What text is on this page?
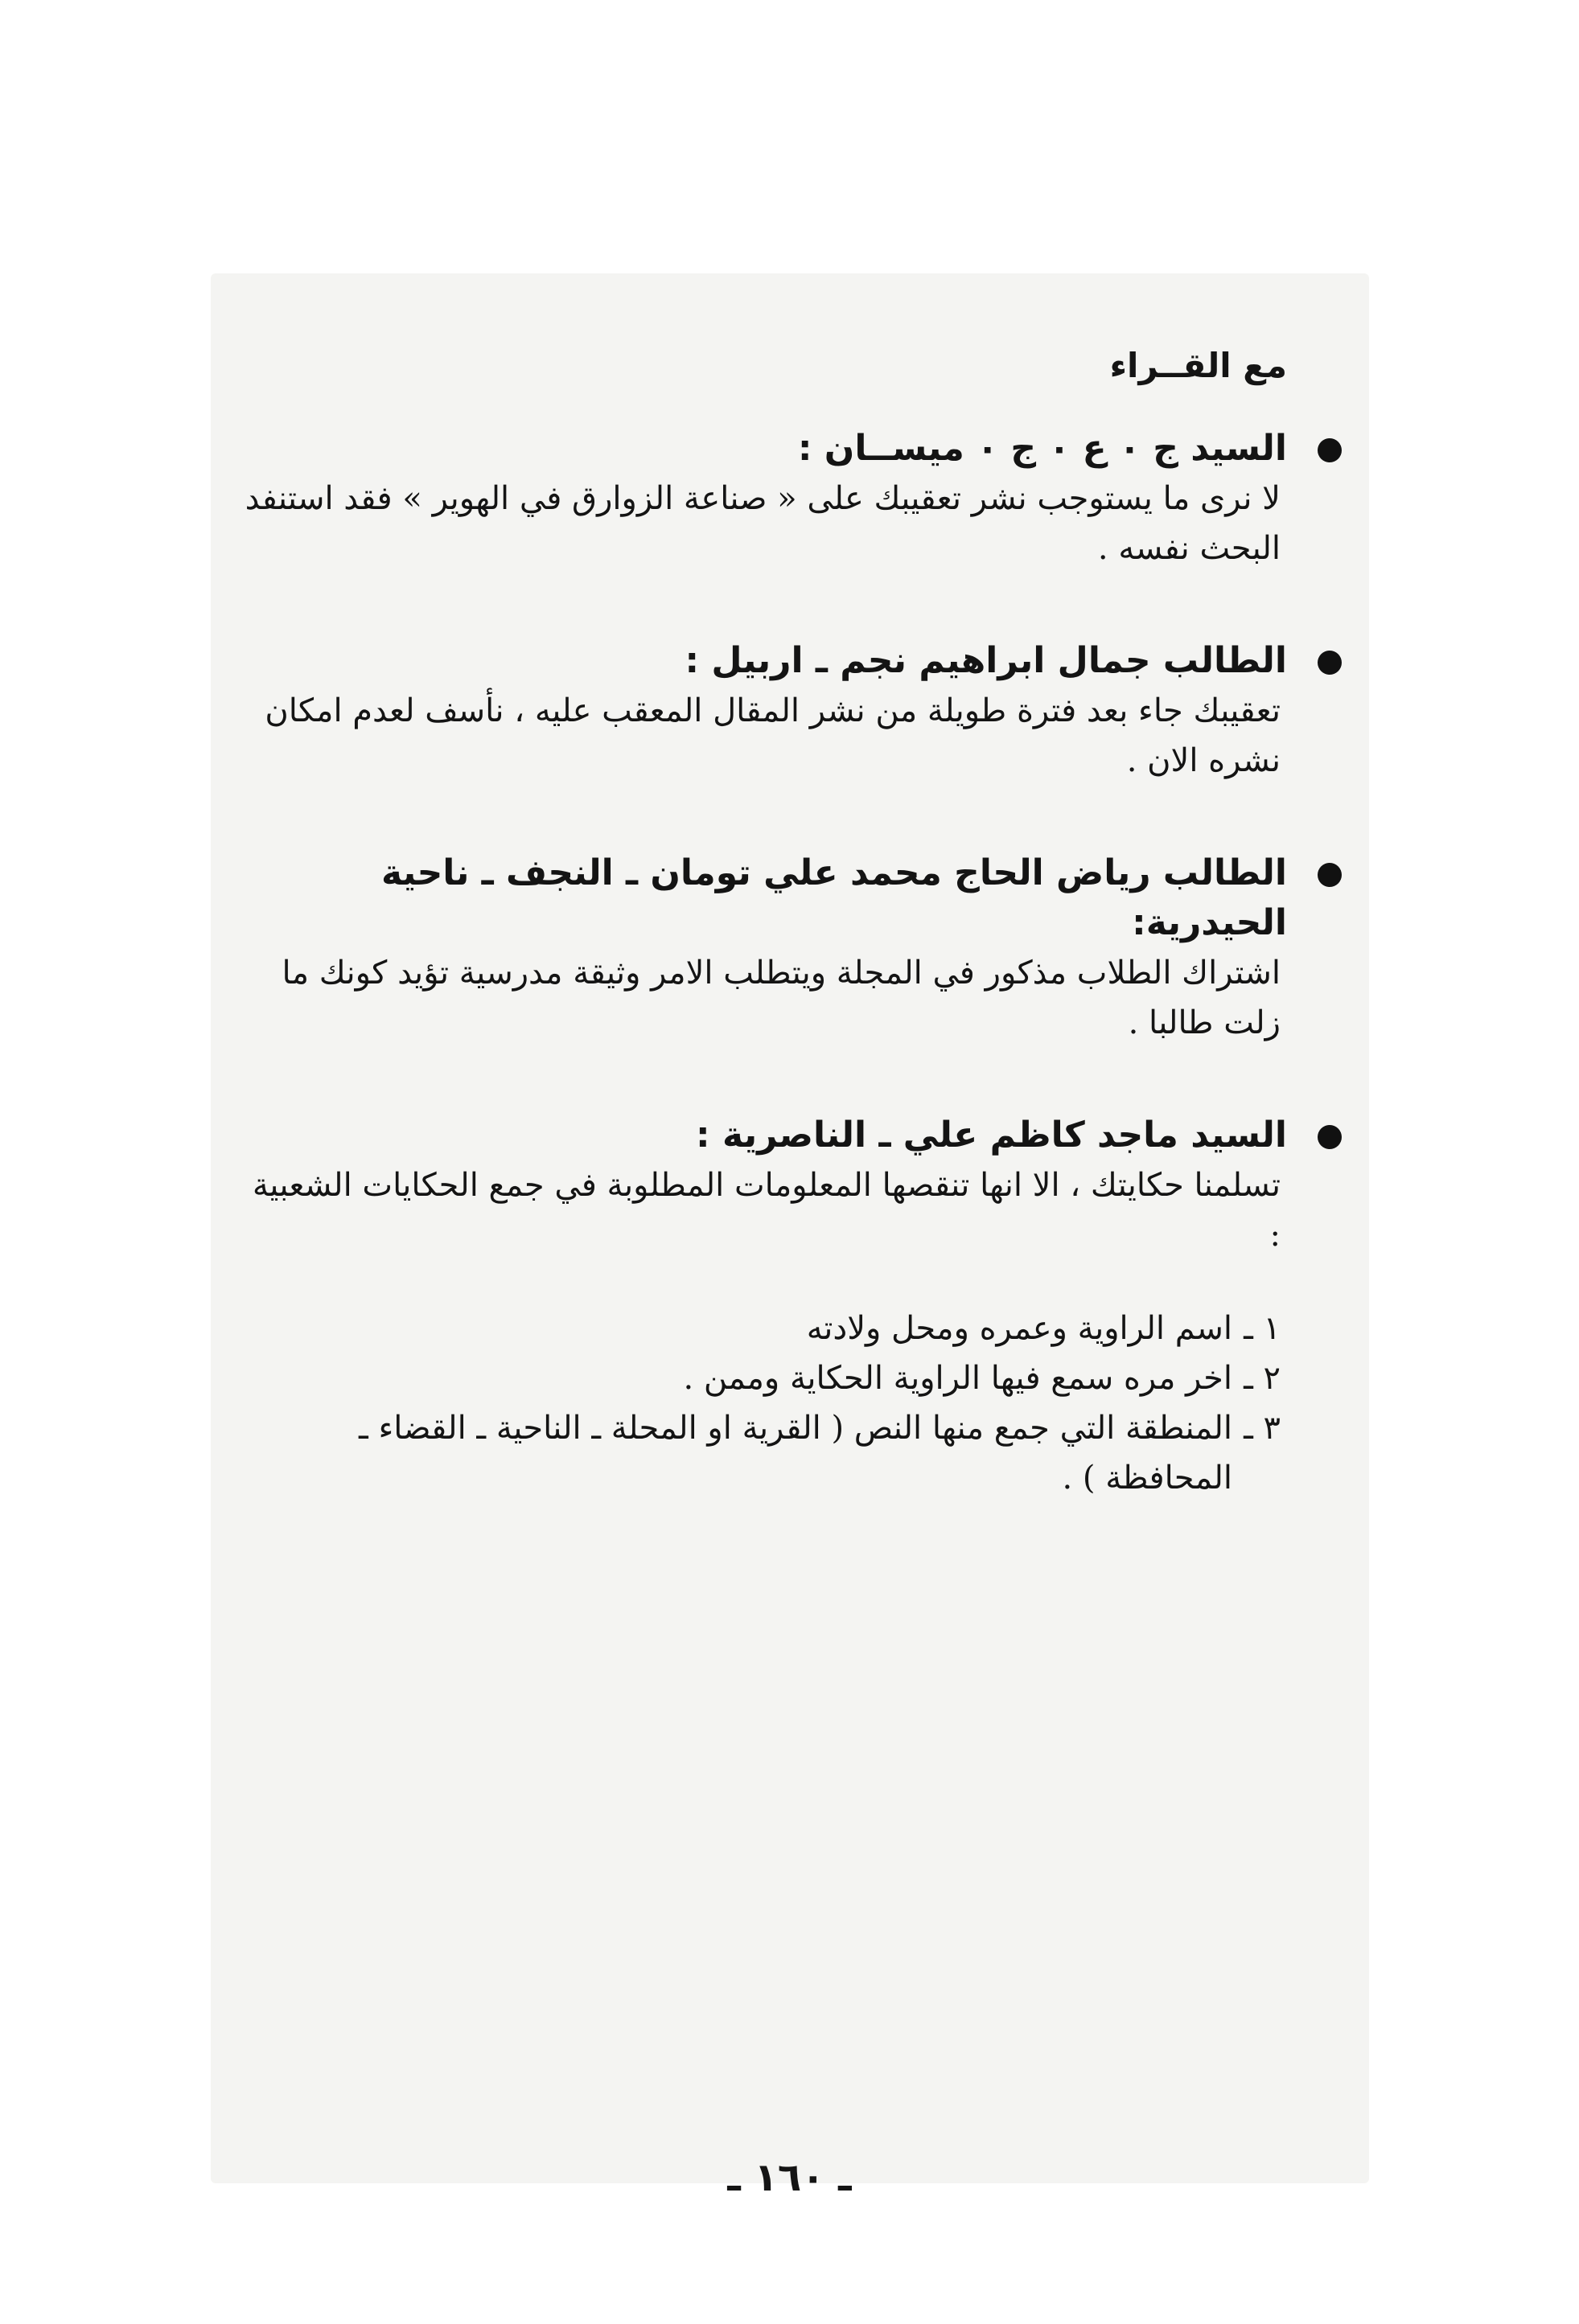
مع القــراء
السيد ج ٠ ع ٠ ج ٠ ميســان :

لا نرى ما يستوجب نشر تعقيبك على « صناعة الزوارق في الهوير » فقد استنفد البحث نفسه .

الطالب جمال ابراهيم نجم ـ اربيل :

تعقيبك جاء بعد فترة طويلة من نشر المقال المعقب عليه ، نأسف لعدم امكان نشره الان .

الطالب رياض الحاج محمد علي تومان ـ النجف ـ ناحية الحيدرية:

اشتراك الطلاب مذكور في المجلة ويتطلب الامر وثيقة مدرسية تؤيد كونك ما زلت طالبا .

السيد ماجد كاظم علي ـ الناصرية :

تسلمنا حكايتك ، الا انها تنقصها المعلومات المطلوبة في جمع الحكايات الشعبية :

١ ـ
اسم الراوية وعمره ومحل ولادته
٢ ـ
اخر مره سمع فيها الراوية الحكاية وممن .
٣ ـ
المنطقة التي جمع منها النص ( القرية او المحلة ـ الناحية ـ القضاء ـ المحافظة ) .
ـ ١٦٠ ـ
